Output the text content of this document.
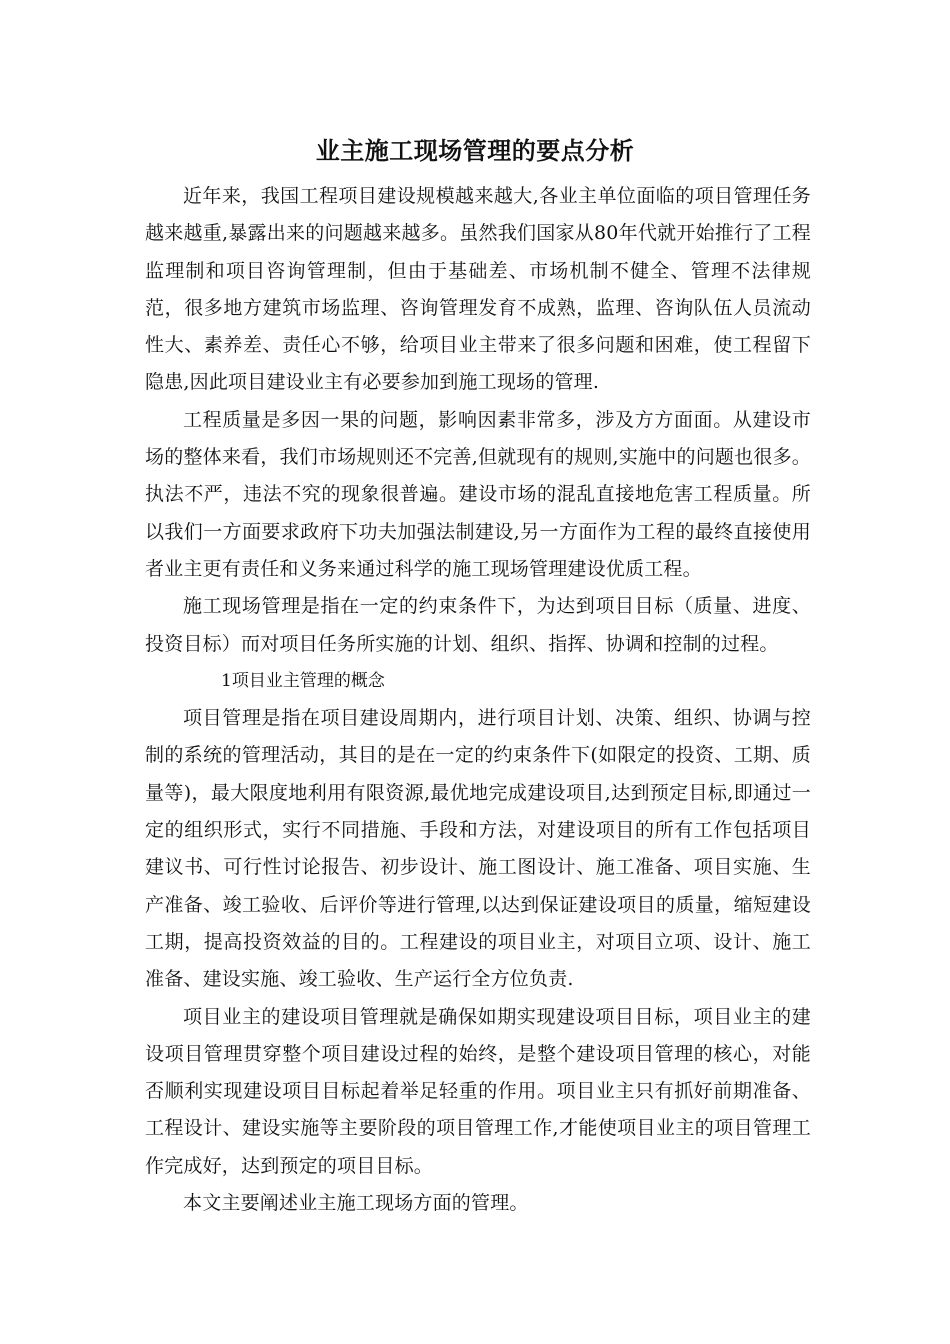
业主施工现场管理的要点分析

近年来，我国工程项目建设规模越来越大,各业主单位面临的项目管理任务越来越重,暴露出来的问题越来越多。虽然我们国家从80年代就开始推行了工程监理制和项目咨询管理制，但由于基础差、市场机制不健全、管理不法律规范，很多地方建筑市场监理、咨询管理发育不成熟，监理、咨询队伍人员流动性大、素养差、责任心不够，给项目业主带来了很多问题和困难，使工程留下隐患,因此项目建设业主有必要参加到施工现场的管理.

工程质量是多因一果的问题，影响因素非常多，涉及方方面面。从建设市场的整体来看，我们市场规则还不完善,但就现有的规则,实施中的问题也很多。执法不严，违法不究的现象很普遍。建设市场的混乱直接地危害工程质量。所以我们一方面要求政府下功夫加强法制建设,另一方面作为工程的最终直接使用者业主更有责任和义务来通过科学的施工现场管理建设优质工程。

施工现场管理是指在一定的约束条件下，为达到项目目标（质量、进度、投资目标）而对项目任务所实施的计划、组织、指挥、协调和控制的过程。

1项目业主管理的概念

项目管理是指在项目建设周期内，进行项目计划、决策、组织、协调与控制的系统的管理活动，其目的是在一定的约束条件下(如限定的投资、工期、质量等)，最大限度地利用有限资源,最优地完成建设项目,达到预定目标,即通过一定的组织形式，实行不同措施、手段和方法，对建设项目的所有工作包括项目建议书、可行性讨论报告、初步设计、施工图设计、施工准备、项目实施、生产准备、竣工验收、后评价等进行管理,以达到保证建设项目的质量，缩短建设工期，提高投资效益的目的。工程建设的项目业主，对项目立项、设计、施工准备、建设实施、竣工验收、生产运行全方位负责.

项目业主的建设项目管理就是确保如期实现建设项目目标，项目业主的建设项目管理贯穿整个项目建设过程的始终，是整个建设项目管理的核心，对能否顺利实现建设项目目标起着举足轻重的作用。项目业主只有抓好前期准备、工程设计、建设实施等主要阶段的项目管理工作,才能使项目业主的项目管理工作完成好，达到预定的项目目标。

本文主要阐述业主施工现场方面的管理。
